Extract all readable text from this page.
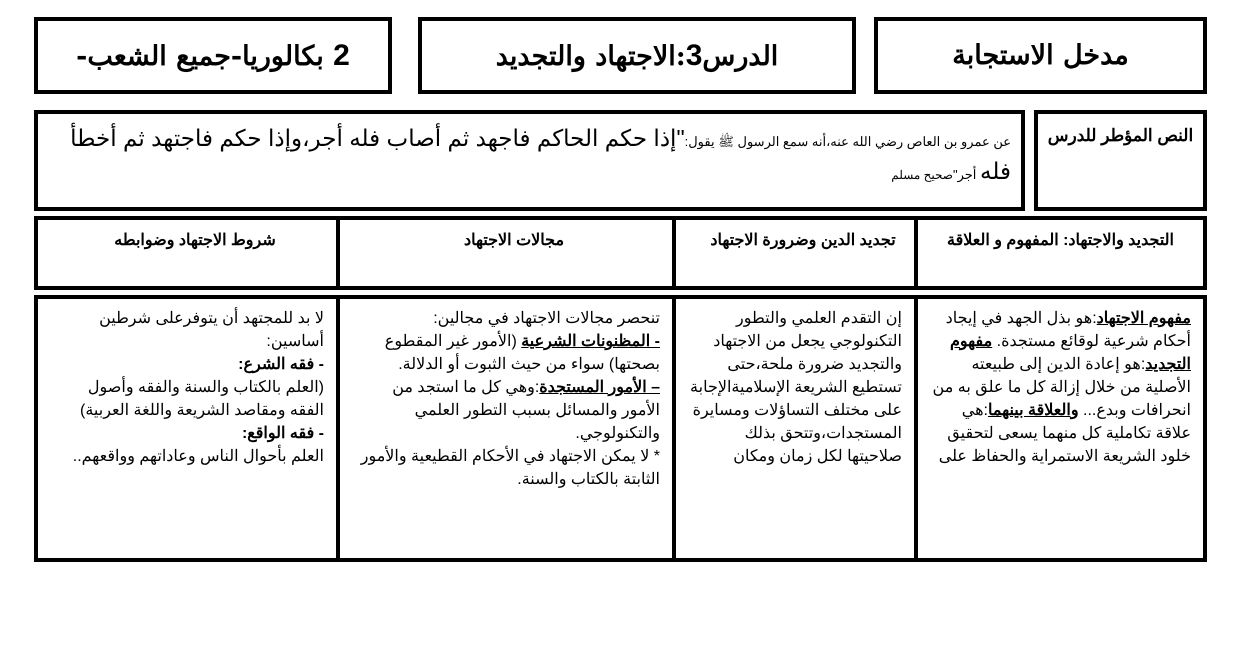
مدخل الاستجابة
الدرس3:الاجتهاد والتجديد
2 بكالوريا-جميع الشعب-
النص المؤطر للدرس
عن عمرو بن العاص رضي الله عنه،أنه سمع الرسول ﷺ يقول:"إذا حكم الحاكم فاجهد ثم أصاب فله أجر،وإذا حكم فاجتهد ثم أخطأ فله أجر"صحيح مسلم
التجديد والاجتهاد: المفهوم و العلاقة
تجديد الدين وضرورة الاجتهاد
مجالات الاجتهاد
شروط الاجتهاد وضوابطه

مفهوم الاجتهاد:هو بذل الجهد في إيجاد أحكام شرعية لوقائع مستجدة. مفهوم التجديد:هو إعادة الدين إلى طبيعته الأصلية من خلال إزالة كل ما علق به من انحرافات وبدع... والعلاقة بينهما:هي علاقة تكاملية كل منهما يسعى لتحقيق خلود الشريعة الاستمراية والحفاظ على

إن التقدم العلمي والتطور التكنولوجي يجعل من الاجتهاد والتجديد ضرورة ملحة،حتى تستطيع الشريعة الإسلاميةالإجابة على مختلف التساؤلات ومسايرة المستجدات،وتتحق بذلك صلاحيتها لكل زمان ومكان

تنحصر مجالات الاجتهاد في مجالين:

- المظنونات الشرعية (الأمور غير المقطوع بصحتها) سواء من حيث الثبوت أو الدلالة.

– الأمور المستجدة:وهي كل ما استجد من الأمور والمسائل بسبب التطور العلمي والتكنولوجي.

* لا يمكن الاجتهاد في الأحكام القطيعية والأمور الثابتة بالكتاب والسنة.

لا بد للمجتهد أن يتوفرعلى شرطين أساسين:

- فقه الشرع:

(العلم بالكتاب والسنة والفقه وأصول الفقه ومقاصد الشريعة واللغة العربية)

- فقه الواقع:

العلم بأحوال الناس وعاداتهم وواقعهم..
